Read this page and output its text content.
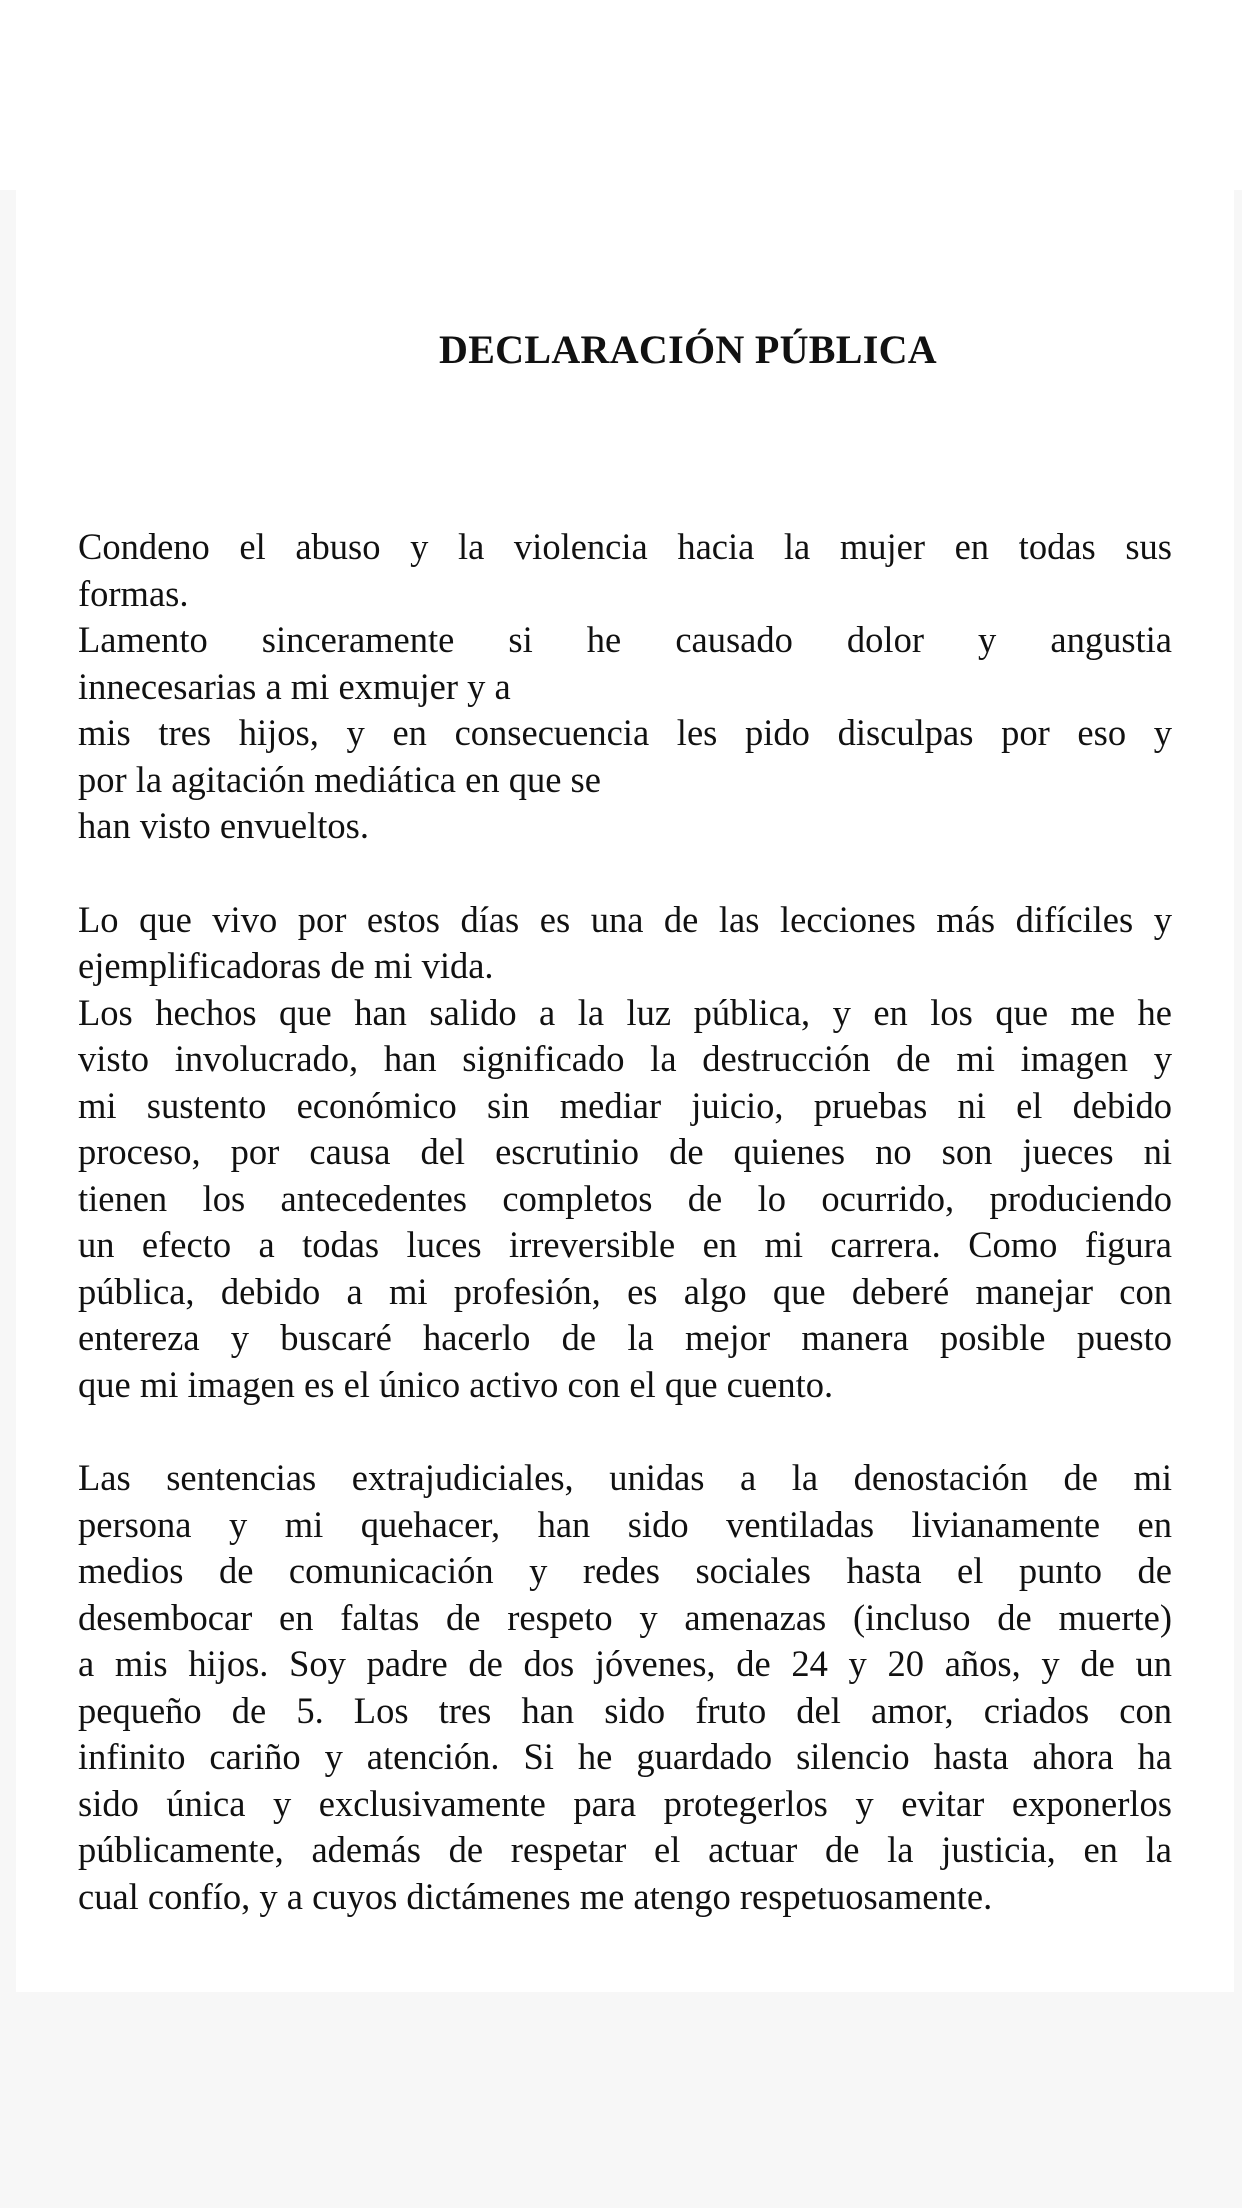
DECLARACIÓN PÚBLICA

Condeno el abuso y la violencia hacia la mujer en todas sus
formas.
Lamento sinceramente si he causado dolor y angustia
innecesarias a mi exmujer y a
mis tres hijos, y en consecuencia les pido disculpas por eso y
por la agitación mediática en que se
han visto envueltos.

Lo que vivo por estos días es una de las lecciones más difíciles y
ejemplificadoras de mi vida.
Los hechos que han salido a la luz pública, y en los que me he
visto involucrado, han significado la destrucción de mi imagen y
mi sustento económico sin mediar juicio, pruebas ni el debido
proceso, por causa del escrutinio de quienes no son jueces ni
tienen los antecedentes completos de lo ocurrido, produciendo
un efecto a todas luces irreversible en mi carrera. Como figura
pública, debido a mi profesión, es algo que deberé manejar con
entereza y buscaré hacerlo de la mejor manera posible puesto
que mi imagen es el único activo con el que cuento.

Las sentencias extrajudiciales, unidas a la denostación de mi
persona y mi quehacer, han sido ventiladas livianamente en
medios de comunicación y redes sociales hasta el punto de
desembocar en faltas de respeto y amenazas (incluso de muerte)
a mis hijos. Soy padre de dos jóvenes, de 24 y 20 años, y de un
pequeño de 5. Los tres han sido fruto del amor, criados con
infinito cariño y atención. Si he guardado silencio hasta ahora ha
sido única y exclusivamente para protegerlos y evitar exponerlos
públicamente, además de respetar el actuar de la justicia, en la
cual confío, y a cuyos dictámenes me atengo respetuosamente.
